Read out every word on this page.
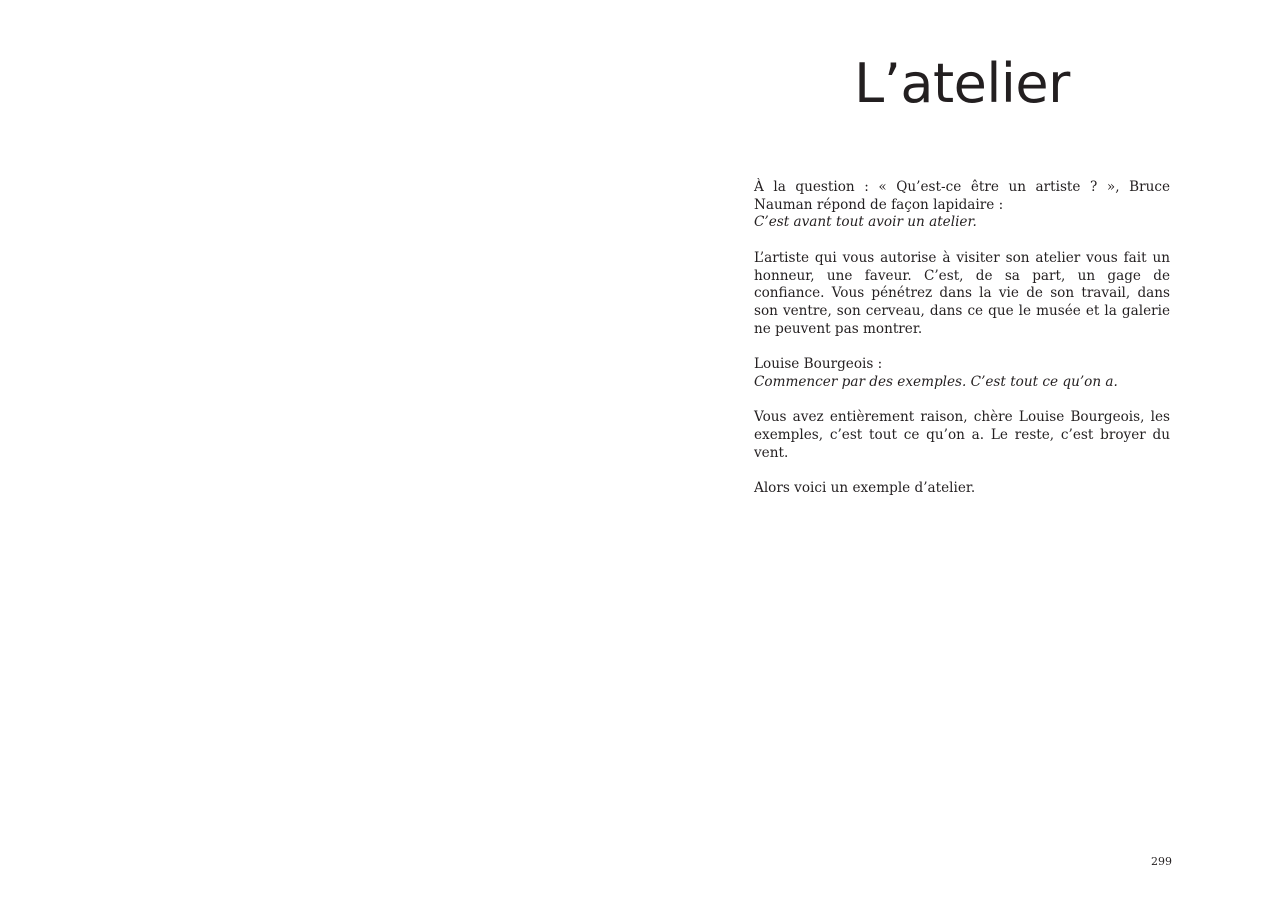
L’atelier

À la question : « Qu’est-ce être un artiste ? », Bruce Nauman répond de façon lapidaire :
C’est avant tout avoir un atelier.

L’artiste qui vous autorise à visiter son atelier vous fait un honneur, une faveur. C’est, de sa part, un gage de confiance. Vous pénétrez dans la vie de son travail, dans son ventre, son cerveau, dans ce que le musée et la galerie ne peuvent pas montrer.

Louise Bourgeois :
Commencer par des exemples. C’est tout ce qu’on a.

Vous avez entièrement raison, chère Louise Bourgeois, les exemples, c’est tout ce qu’on a. Le reste, c’est broyer du vent.

Alors voici un exemple d’atelier.

299
